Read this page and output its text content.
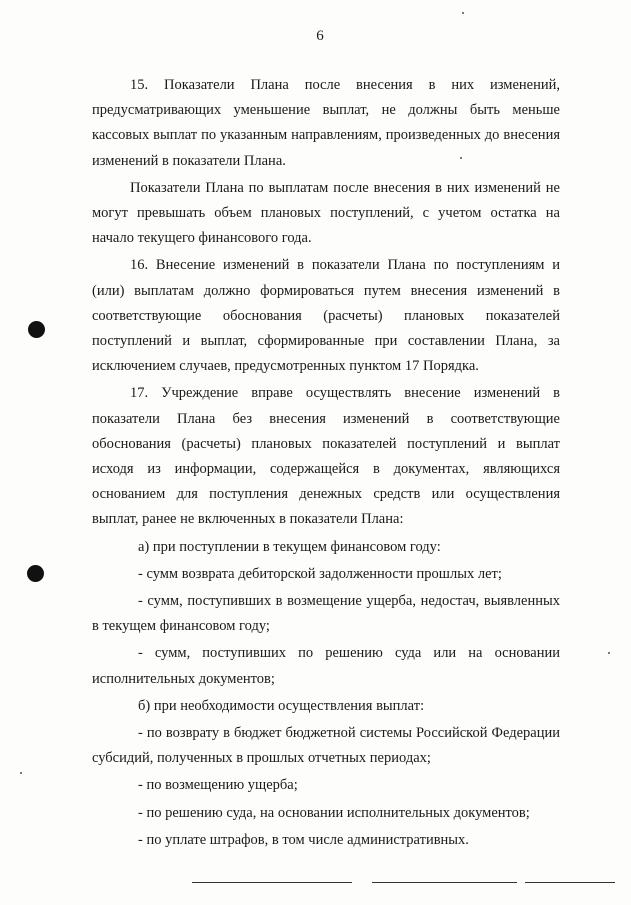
6

15. Показатели Плана после внесения в них изменений, предусматривающих уменьшение выплат, не должны быть меньше кассовых выплат по указанным направлениям, произведенных до внесения изменений в показатели Плана.

Показатели Плана по выплатам после внесения в них изменений не могут превышать объем плановых поступлений, с учетом остатка на начало текущего финансового года.

16. Внесение изменений в показатели Плана по поступлениям и (или) выплатам должно формироваться путем внесения изменений в соответствующие обоснования (расчеты) плановых показателей поступлений и выплат, сформированные при составлении Плана, за исключением случаев, предусмотренных пунктом 17 Порядка.

17. Учреждение вправе осуществлять внесение изменений в показатели Плана без внесения изменений в соответствующие обоснования (расчеты) плановых показателей поступлений и выплат исходя из информации, содержащейся в документах, являющихся основанием для поступления денежных средств или осуществления выплат, ранее не включенных в показатели Плана:

а) при поступлении в текущем финансовом году:

- сумм возврата дебиторской задолженности прошлых лет;

- сумм, поступивших в возмещение ущерба, недостач, выявленных в текущем финансовом году;

- сумм, поступивших по решению суда или на основании исполнительных документов;

б) при необходимости осуществления выплат:

- по возврату в бюджет бюджетной системы Российской Федерации субсидий, полученных в прошлых отчетных периодах;

- по возмещению ущерба;

- по решению суда, на основании исполнительных документов;

- по уплате штрафов, в том числе административных.
